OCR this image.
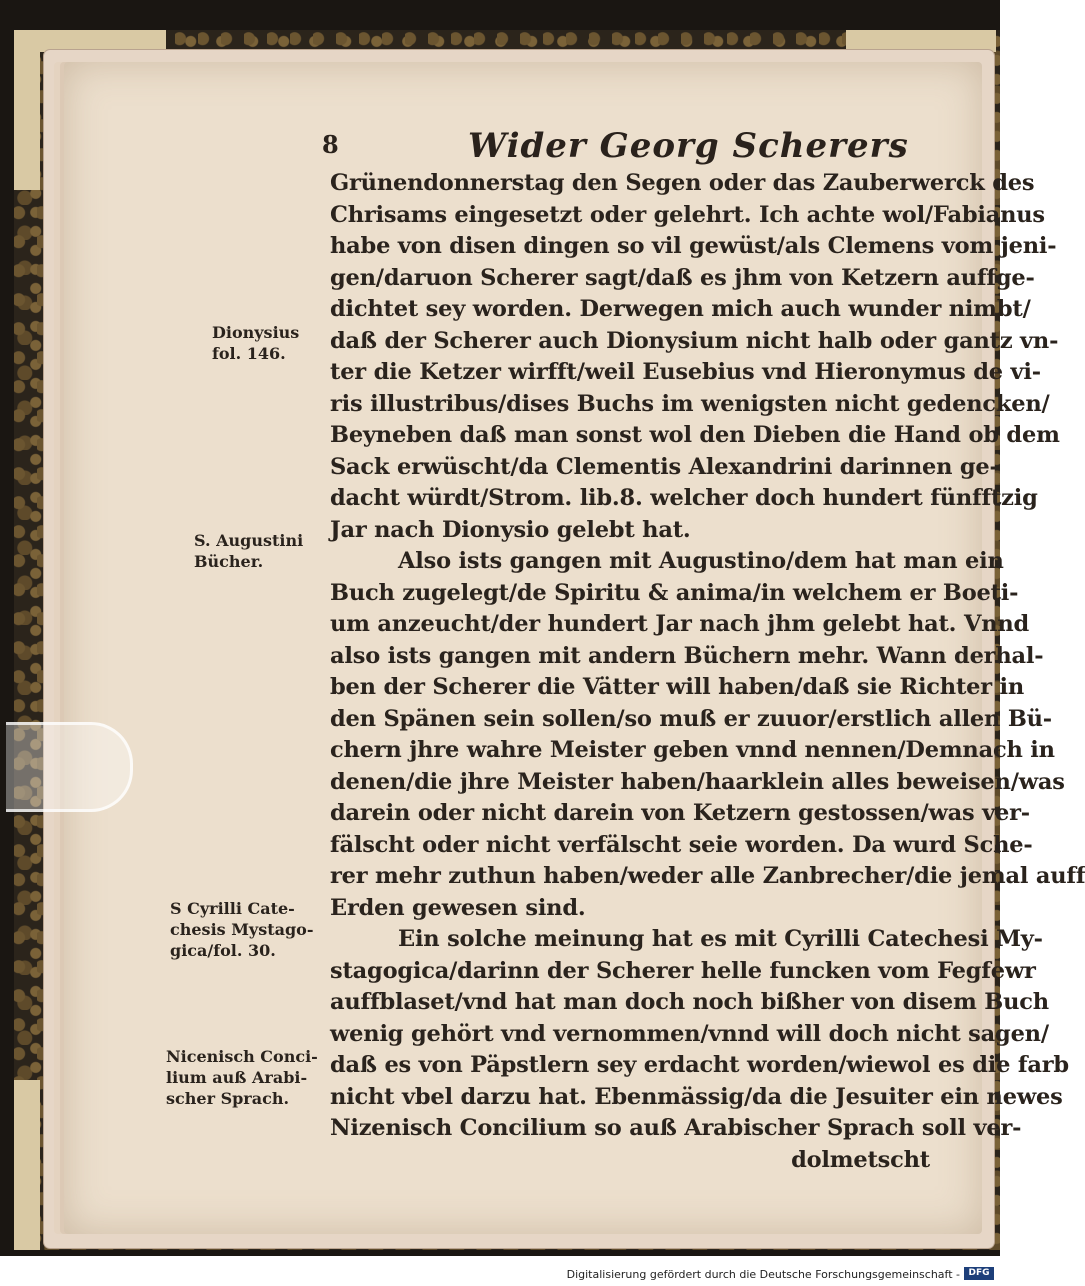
8	Wider Georg Scherers
Grünendonnerstag den Segen oder das Zauberwerck des
Chrisams eingesetzt oder gelehrt. Ich achte wol/Fabianus
habe von disen dingen so vil gewüst/als Clemens vom jeni-
gen/daruon Scherer sagt/daß es jhm von Ketzern auffge-
dichtet sey worden. Derwegen mich auch wunder nimbt/
daß der Scherer auch Dionysium nicht halb oder gantz vn-
ter die Ketzer wirfft/weil Eusebius vnd Hieronymus de vi-
ris illustribus/dises Buchs im wenigsten nicht gedencken/
Beyneben daß man sonst wol den Dieben die Hand ob dem
Sack erwüscht/da Clementis Alexandrini darinnen ge-
dacht würdt/Strom. lib.8. welcher doch hundert fünfftzig
Jar nach Dionysio gelebt hat.
Also ists gangen mit Augustino/dem hat man ein
Buch zugelegt/de Spiritu & anima/in welchem er Boeti-
um anzeucht/der hundert Jar nach jhm gelebt hat. Vnnd
also ists gangen mit andern Büchern mehr. Wann derhal-
ben der Scherer die Vätter will haben/daß sie Richter in
den Spänen sein sollen/so muß er zuuor/erstlich allen Bü-
chern jhre wahre Meister geben vnnd nennen/Demnach in
denen/die jhre Meister haben/haarklein alles beweisen/was
darein oder nicht darein von Ketzern gestossen/was ver-
fälscht oder nicht verfälscht seie worden. Da wurd Sche-
rer mehr zuthun haben/weder alle Zanbrecher/die jemal auff
Erden gewesen sind.
Ein solche meinung hat es mit Cyrilli Catechesi My-
stagogica/darinn der Scherer helle funcken vom Fegfewr
auffblaset/vnd hat man doch noch bißher von disem Buch
wenig gehört vnd vernommen/vnnd will doch nicht sagen/
daß es von Päpstlern sey erdacht worden/wiewol es die farb
nicht vbel darzu hat. Ebenmässig/da die Jesuiter ein newes
Nizenisch Concilium so auß Arabischer Sprach soll ver-
dolmetscht
Dionysius
fol. 146.
S. Augustini
Bücher.
S Cyrilli Cate-
chesis Mystago-
gica/fol. 30.
Nicenisch Conci-
lium auß Arabi-
scher Sprach.
Digitalisierung gefördert durch die Deutsche Forschungsgemeinschaft - DFG
